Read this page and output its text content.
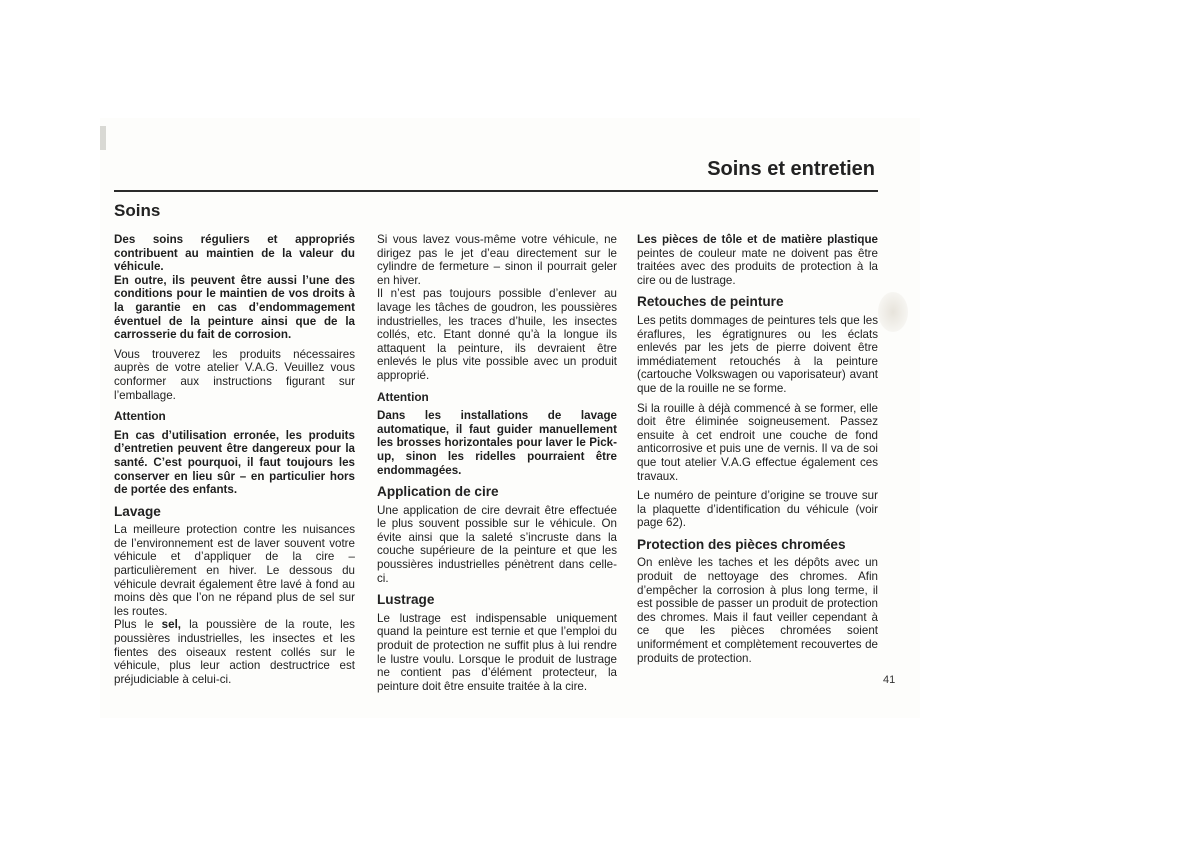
Soins et entretien
Soins

Des soins réguliers et appropriés contribuent au maintien de la valeur du véhicule.

En outre, ils peuvent être aussi l’une des conditions pour le maintien de vos droits à la garantie en cas d’endommagement éventuel de la peinture ainsi que de la carrosserie du fait de corrosion.

Vous trouverez les produits nécessaires auprès de votre atelier V.A.G. Veuillez vous conformer aux instructions figurant sur l’emballage.

Attention

En cas d’utilisation erronée, les produits d’entretien peuvent être dangereux pour la santé. C’est pourquoi, il faut toujours les conserver en lieu sûr – en particulier hors de portée des enfants.

Lavage

La meilleure protection contre les nuisances de l’environnement est de laver souvent votre véhicule et d’appliquer de la cire – particulièrement en hiver. Le dessous du véhicule devrait également être lavé à fond au moins dès que l’on ne répand plus de sel sur les routes.

Plus le sel, la poussière de la route, les poussières industrielles, les insectes et les fientes des oiseaux restent collés sur le véhicule, plus leur action destructrice est préjudiciable à celui-ci.

Si vous lavez vous-même votre véhicule, ne dirigez pas le jet d’eau directement sur le cylindre de fermeture – sinon il pourrait geler en hiver.

Il n’est pas toujours possible d’enlever au lavage les tâches de goudron, les poussières industrielles, les traces d’huile, les insectes collés, etc. Etant donné qu’à la longue ils attaquent la peinture, ils devraient être enlevés le plus vite possible avec un produit approprié.

Attention

Dans les installations de lavage automatique, il faut guider manuellement les brosses horizontales pour laver le Pick-up, sinon les ridelles pourraient être endommagées.

Application de cire

Une application de cire devrait être effectuée le plus souvent possible sur le véhicule. On évite ainsi que la saleté s’incruste dans la couche supérieure de la peinture et que les poussières industrielles pénètrent dans celle-ci.

Lustrage

Le lustrage est indispensable uniquement quand la peinture est ternie et que l’emploi du produit de protection ne suffit plus à lui rendre le lustre voulu. Lorsque le produit de lustrage ne contient pas d’élément protecteur, la peinture doit être ensuite traitée à la cire.

Les pièces de tôle et de matière plastique peintes de couleur mate ne doivent pas être traitées avec des produits de protection à la cire ou de lustrage.

Retouches de peinture

Les petits dommages de peintures tels que les éraflures, les égratignures ou les éclats enlevés par les jets de pierre doivent être immédiatement retouchés à la peinture (cartouche Volkswagen ou vaporisateur) avant que de la rouille ne se forme.

Si la rouille à déjà commencé à se former, elle doit être éliminée soigneusement. Passez ensuite à cet endroit une couche de fond anticorrosive et puis une de vernis. Il va de soi que tout atelier V.A.G effectue également ces travaux.

Le numéro de peinture d’origine se trouve sur la plaquette d’identification du véhicule (voir page 62).

Protection des pièces chromées

On enlève les taches et les dépôts avec un produit de nettoyage des chromes. Afin d’empêcher la corrosion à plus long terme, il est possible de passer un produit de protection des chromes. Mais il faut veiller cependant à ce que les pièces chromées soient uniformément et complètement recouvertes de produits de protection.

41
